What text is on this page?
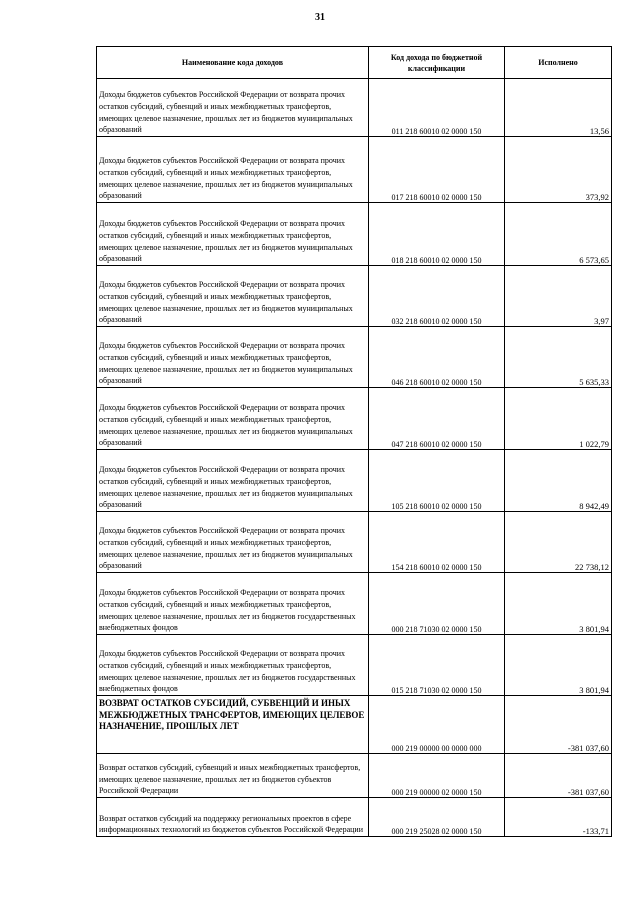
31
Наименование кода доходов	Код дохода по бюджетной классификации	Исполнено
Доходы бюджетов субъектов Российской Федерации от возврата прочих остатков субсидий, субвенций и иных межбюджетных трансфертов, имеющих целевое назначение, прошлых лет из бюджетов муниципальных образований	011 218 60010 02 0000 150	13,56
Доходы бюджетов субъектов Российской Федерации от возврата прочих остатков субсидий, субвенций и иных межбюджетных трансфертов, имеющих целевое назначение, прошлых лет из бюджетов муниципальных образований	017 218 60010 02 0000 150	373,92
Доходы бюджетов субъектов Российской Федерации от возврата прочих остатков субсидий, субвенций и иных межбюджетных трансфертов, имеющих целевое назначение, прошлых лет из бюджетов муниципальных образований	018 218 60010 02 0000 150	6 573,65
Доходы бюджетов субъектов Российской Федерации от возврата прочих остатков субсидий, субвенций и иных межбюджетных трансфертов, имеющих целевое назначение, прошлых лет из бюджетов муниципальных образований	032 218 60010 02 0000 150	3,97
Доходы бюджетов субъектов Российской Федерации от возврата прочих остатков субсидий, субвенций и иных межбюджетных трансфертов, имеющих целевое назначение, прошлых лет из бюджетов муниципальных образований	046 218 60010 02 0000 150	5 635,33
Доходы бюджетов субъектов Российской Федерации от возврата прочих остатков субсидий, субвенций и иных межбюджетных трансфертов, имеющих целевое назначение, прошлых лет из бюджетов муниципальных образований	047 218 60010 02 0000 150	1 022,79
Доходы бюджетов субъектов Российской Федерации от возврата прочих остатков субсидий, субвенций и иных межбюджетных трансфертов, имеющих целевое назначение, прошлых лет из бюджетов муниципальных образований	105 218 60010 02 0000 150	8 942,49
Доходы бюджетов субъектов Российской Федерации от возврата прочих остатков субсидий, субвенций и иных межбюджетных трансфертов, имеющих целевое назначение, прошлых лет из бюджетов муниципальных образований	154 218 60010 02 0000 150	22 738,12
Доходы бюджетов субъектов Российской Федерации от возврата прочих остатков субсидий, субвенций и иных межбюджетных трансфертов, имеющих целевое назначение, прошлых лет из бюджетов государственных внебюджетных фондов	000 218 71030 02 0000 150	3 801,94
Доходы бюджетов субъектов Российской Федерации от возврата прочих остатков субсидий, субвенций и иных межбюджетных трансфертов, имеющих целевое назначение, прошлых лет из бюджетов государственных внебюджетных фондов	015 218 71030 02 0000 150	3 801,94
ВОЗВРАТ ОСТАТКОВ СУБСИДИЙ, СУБВЕНЦИЙ И ИНЫХ МЕЖБЮДЖЕТНЫХ ТРАНСФЕРТОВ, ИМЕЮЩИХ ЦЕЛЕВОЕ НАЗНАЧЕНИЕ, ПРОШЛЫХ ЛЕТ	000 219 00000 00 0000 000	-381 037,60
Возврат остатков субсидий, субвенций и иных межбюджетных трансфертов, имеющих целевое назначение, прошлых лет из бюджетов субъектов Российской Федерации	000 219 00000 02 0000 150	-381 037,60
Возврат остатков субсидий на поддержку региональных проектов в сфере информационных технологий из бюджетов субъектов Российской Федерации	000 219 25028 02 0000 150	-133,71
